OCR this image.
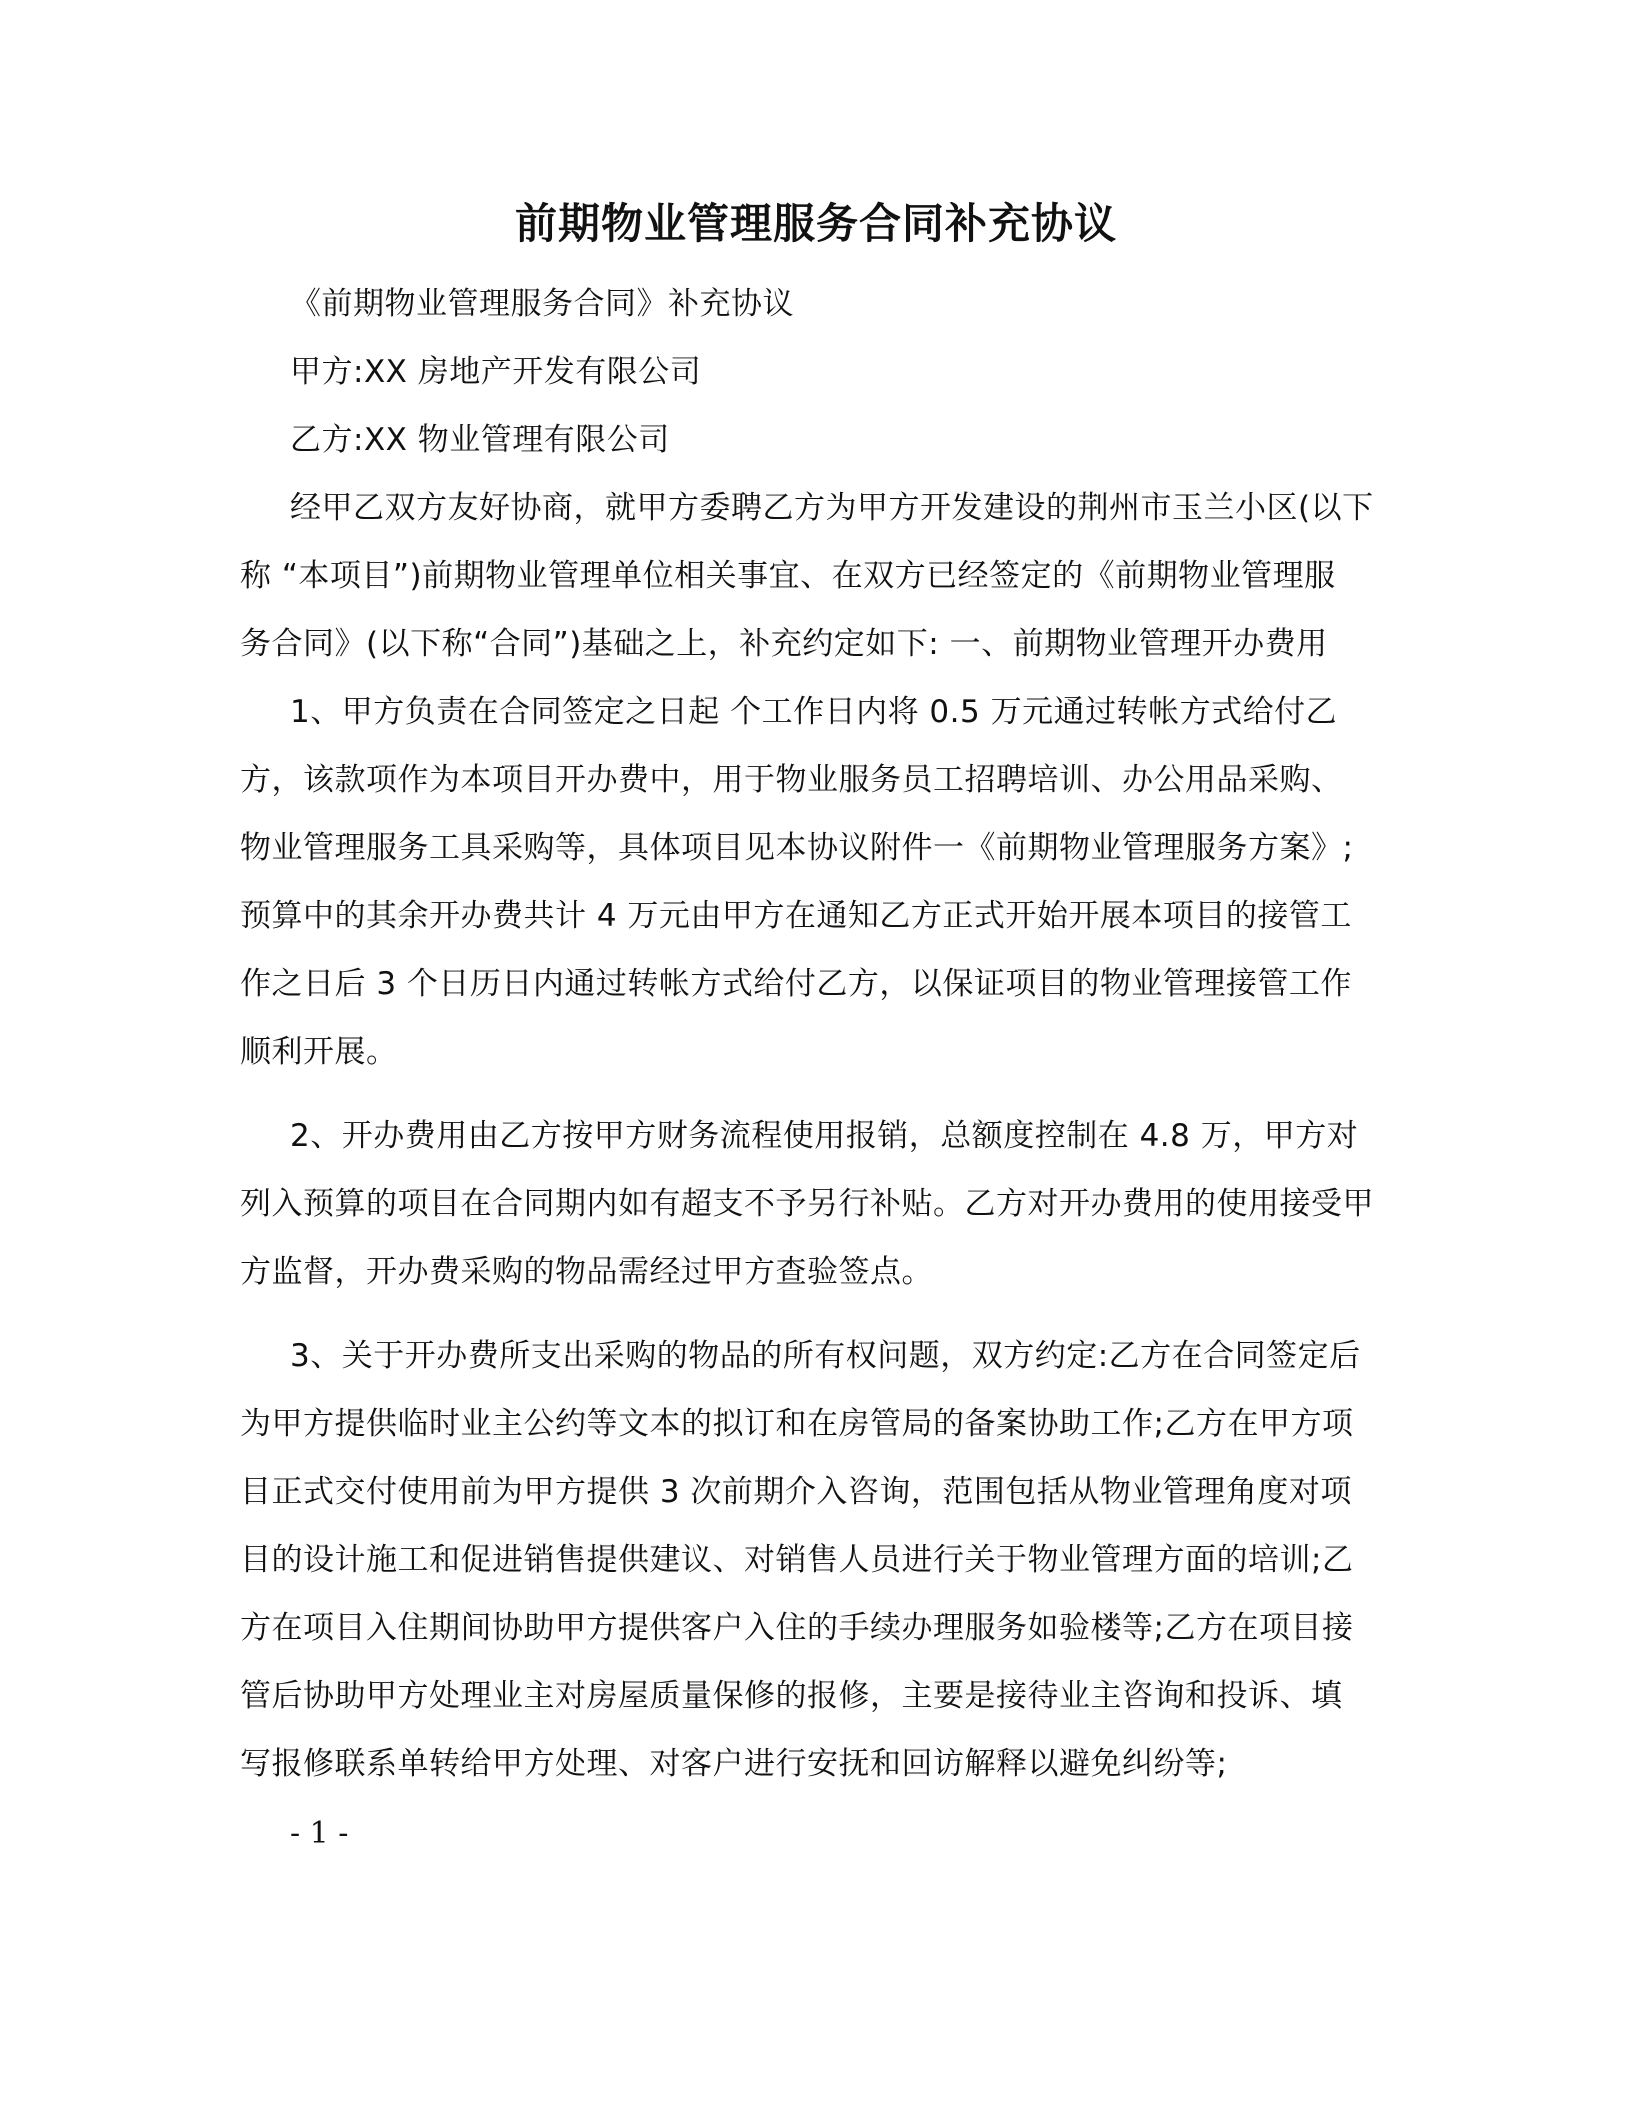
前期物业管理服务合同补充协议
《前期物业管理服务合同》补充协议
甲方:XX 房地产开发有限公司
乙方:XX 物业管理有限公司
经甲乙双方友好协商，就甲方委聘乙方为甲方开发建设的荆州市玉兰小区(以下
称 “本项目”)前期物业管理单位相关事宜、在双方已经签定的《前期物业管理服
务合同》(以下称“合同”)基础之上，补充约定如下: 一、前期物业管理开办费用
1、甲方负责在合同签定之日起 个工作日内将 0.5 万元通过转帐方式给付乙
方，该款项作为本项目开办费中，用于物业服务员工招聘培训、办公用品采购、
物业管理服务工具采购等，具体项目见本协议附件一《前期物业管理服务方案》;
预算中的其余开办费共计 4 万元由甲方在通知乙方正式开始开展本项目的接管工
作之日后 3 个日历日内通过转帐方式给付乙方，以保证项目的物业管理接管工作
顺利开展。
2、开办费用由乙方按甲方财务流程使用报销，总额度控制在 4.8 万，甲方对
列入预算的项目在合同期内如有超支不予另行补贴。乙方对开办费用的使用接受甲
方监督，开办费采购的物品需经过甲方查验签点。
3、关于开办费所支出采购的物品的所有权问题，双方约定:乙方在合同签定后
为甲方提供临时业主公约等文本的拟订和在房管局的备案协助工作;乙方在甲方项
目正式交付使用前为甲方提供 3 次前期介入咨询，范围包括从物业管理角度对项
目的设计施工和促进销售提供建议、对销售人员进行关于物业管理方面的培训;乙
方在项目入住期间协助甲方提供客户入住的手续办理服务如验楼等;乙方在项目接
管后协助甲方处理业主对房屋质量保修的报修，主要是接待业主咨询和投诉、填
写报修联系单转给甲方处理、对客户进行安抚和回访解释以避免纠纷等;
- 1 -
